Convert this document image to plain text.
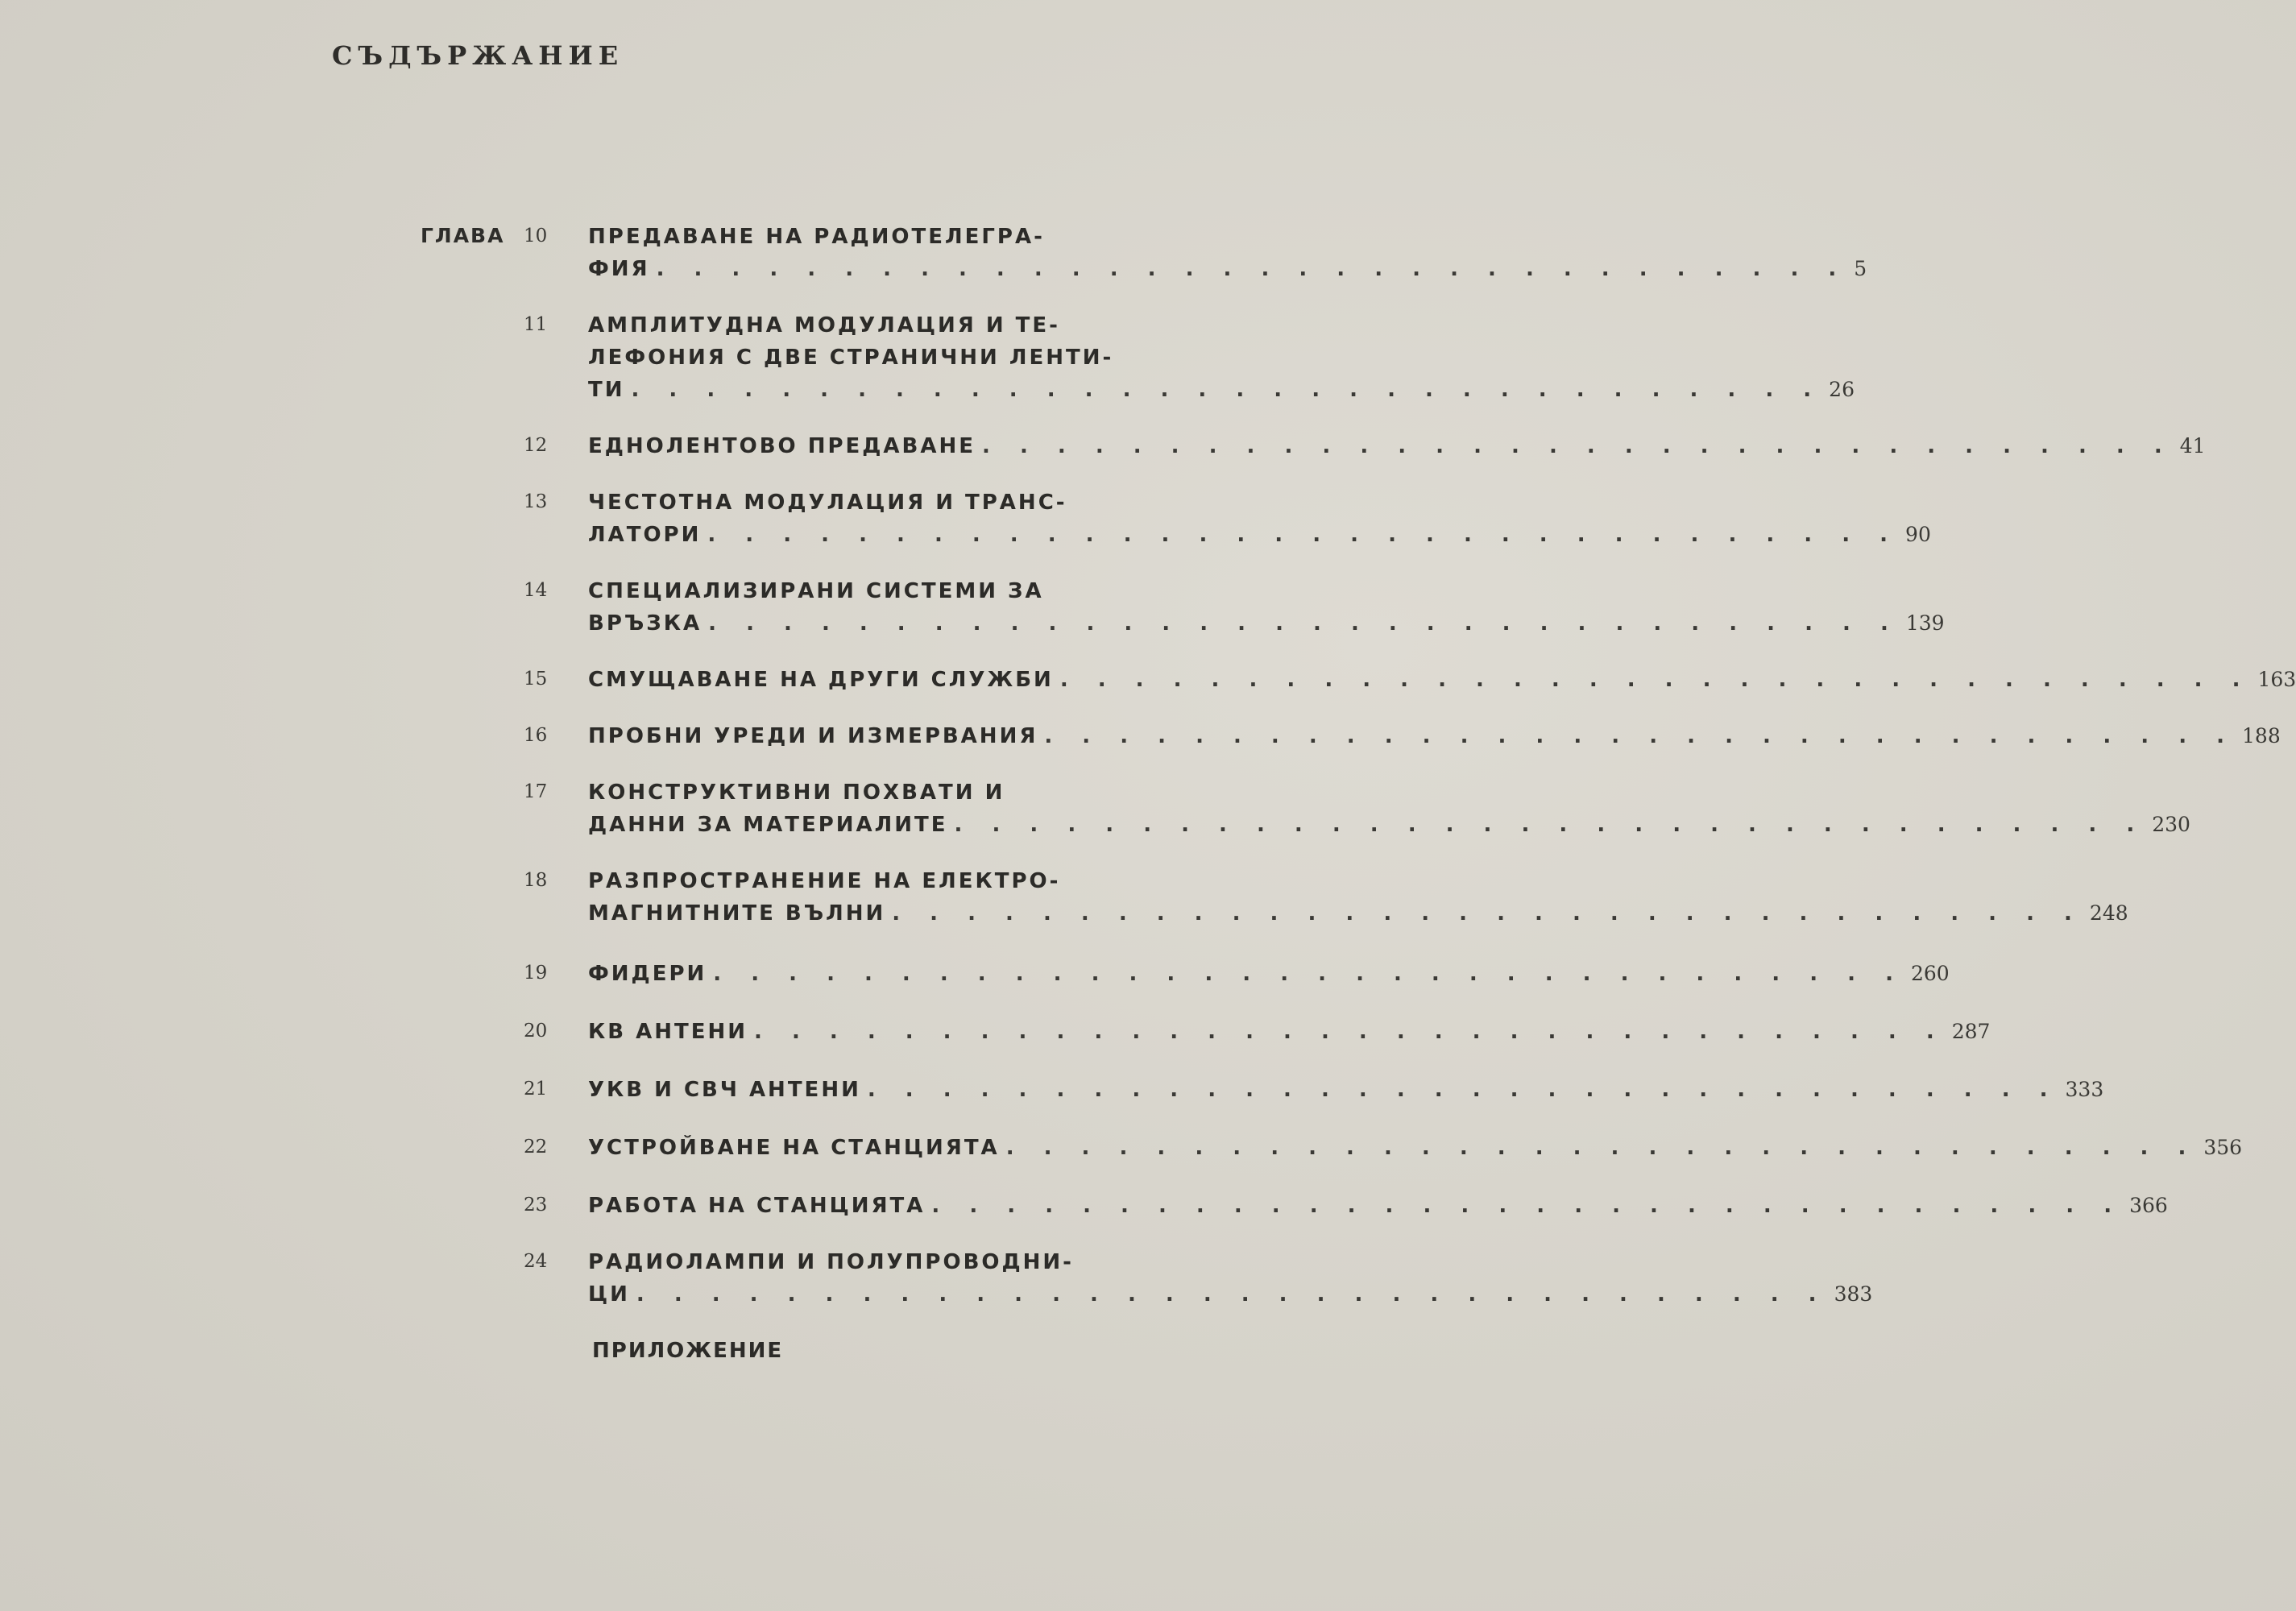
СЪДЪРЖАНИЕ
ГЛАВА 10 ПРЕДАВАНЕ НА РАДИОТЕЛЕГРА-
ФИЯ . . . . . . . . . . . . . . . . . . . . . . . . . . . . . . . . 5
11 АМПЛИТУДНА МОДУЛАЦИЯ И ТЕ-
ЛЕФОНИЯ С ДВЕ СТРАНИЧНИ ЛЕНТИ-
ТИ . . . . . . . . . . . . . . . . . . . . . . . . . . . . . . . . 26
12 ЕДНОЛЕНТОВО ПРЕДАВАНЕ . . . . . . . . . . . . . . . . . . . . . . . . . . . . . . . . 41
13 ЧЕСТОТНА МОДУЛАЦИЯ И ТРАНС-
ЛАТОРИ . . . . . . . . . . . . . . . . . . . . . . . . . . . . . . . . 90
14 СПЕЦИАЛИЗИРАНИ СИСТЕМИ ЗА
ВРЪЗКА . . . . . . . . . . . . . . . . . . . . . . . . . . . . . . . . 139
15 СМУЩАВАНЕ НА ДРУГИ СЛУЖБИ . . . . . . . . . . . . . . . . . . . . . . . . . . . . . . . . 163
16 ПРОБНИ УРЕДИ И ИЗМЕРВАНИЯ . . . . . . . . . . . . . . . . . . . . . . . . . . . . . . . . 188
17 КОНСТРУКТИВНИ ПОХВАТИ И
ДАННИ ЗА МАТЕРИАЛИТЕ . . . . . . . . . . . . . . . . . . . . . . . . . . . . . . . . 230
18 РАЗПРОСТРАНЕНИЕ НА ЕЛЕКТРО-
МАГНИТНИТЕ ВЪЛНИ . . . . . . . . . . . . . . . . . . . . . . . . . . . . . . . . 248
19 ФИДЕРИ . . . . . . . . . . . . . . . . . . . . . . . . . . . . . . . . 260
20 КВ АНТЕНИ . . . . . . . . . . . . . . . . . . . . . . . . . . . . . . . . 287
21 УКВ И СВЧ АНТЕНИ . . . . . . . . . . . . . . . . . . . . . . . . . . . . . . . . 333
22 УСТРОЙВАНЕ НА СТАНЦИЯТА . . . . . . . . . . . . . . . . . . . . . . . . . . . . . . . . 356
23 РАБОТА НА СТАНЦИЯТА . . . . . . . . . . . . . . . . . . . . . . . . . . . . . . . . 366
24 РАДИОЛАМПИ И ПОЛУПРОВОДНИ-
ЦИ . . . . . . . . . . . . . . . . . . . . . . . . . . . . . . . . 383
ПРИЛОЖЕНИЕ
